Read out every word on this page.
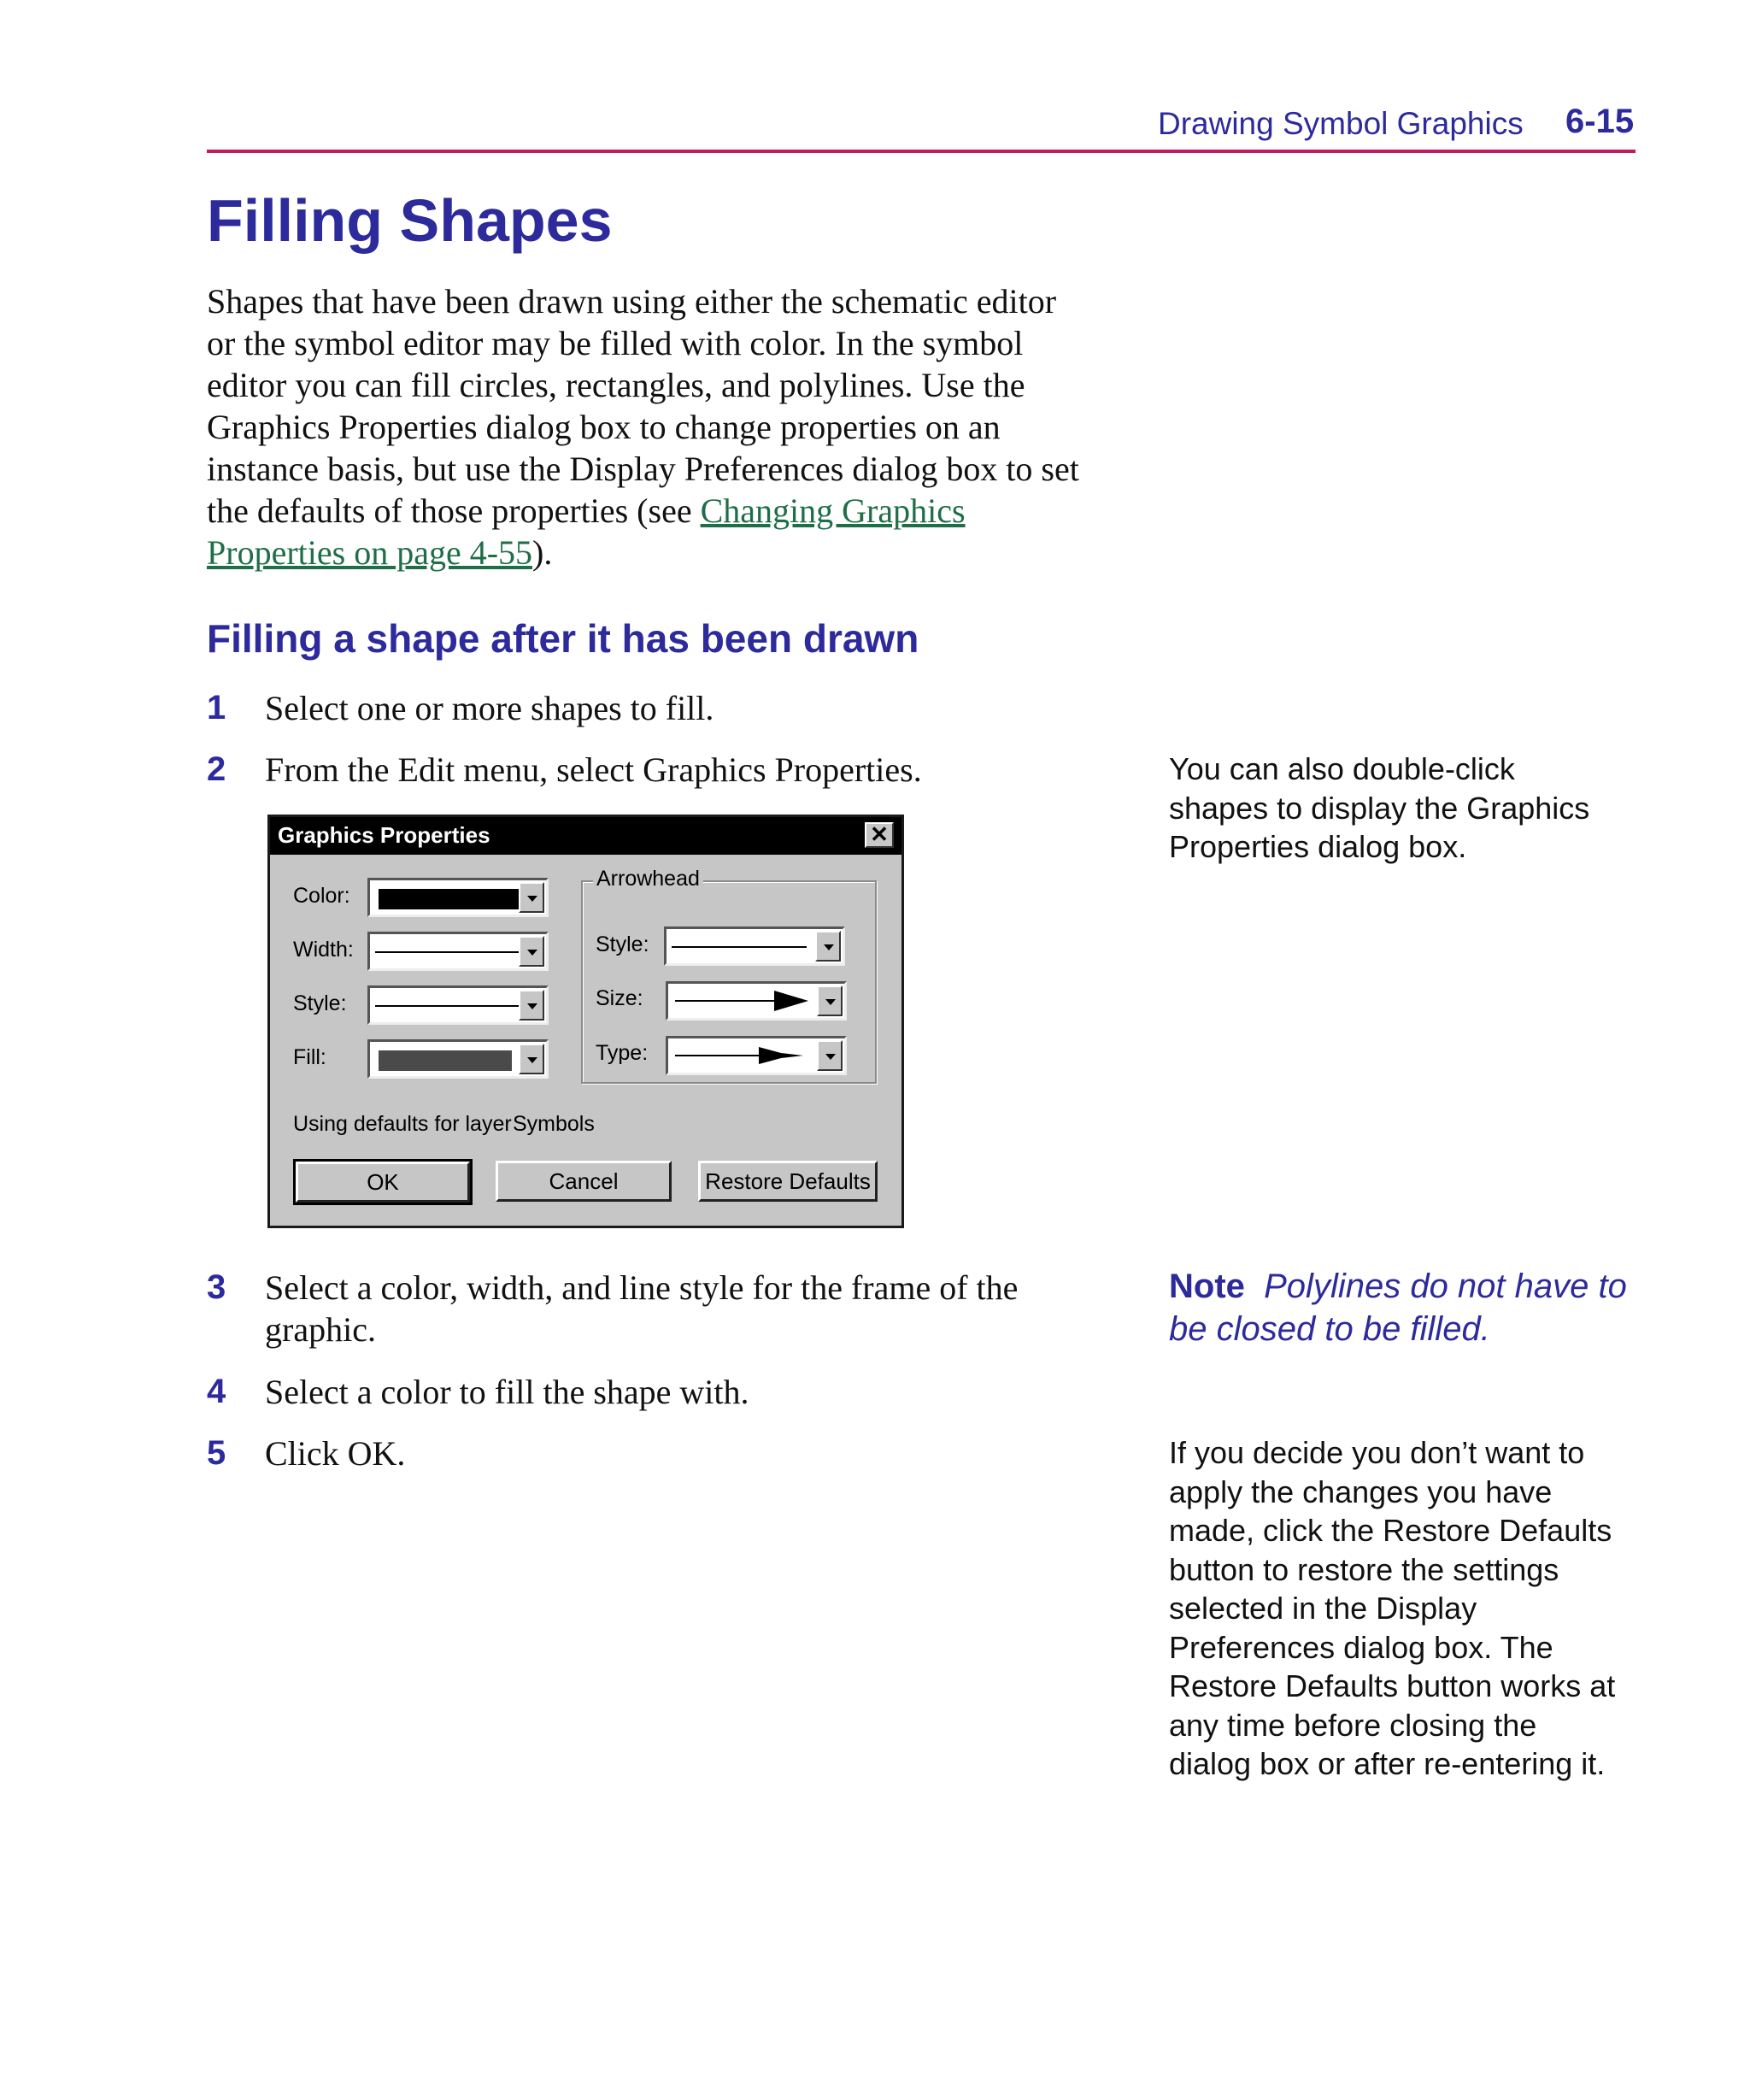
Drawing Symbol Graphics 6-15
Filling Shapes
Shapes that have been drawn using either the schematic editor
or the symbol editor may be filled with color. In the symbol
editor you can fill circles, rectangles, and polylines. Use the
Graphics Properties dialog box to change properties on an
instance basis, but use the Display Preferences dialog box to set
the defaults of those properties (see Changing Graphics
Properties on page 4-55).
Filling a shape after it has been drawn
1 Select one or more shapes to fill.
2 From the Edit menu, select Graphics Properties.
3 Select a color, width, and line style for the frame of the
graphic.
4 Select a color to fill the shape with.
5 Click OK.
You can also double-click
shapes to display the Graphics
Properties dialog box.
Note Polylines do not have to
be closed to be filled.
If you decide you don’t want to
apply the changes you have
made, click the Restore Defaults
button to restore the settings
selected in the Display
Preferences dialog box. The
Restore Defaults button works at
any time before closing the
dialog box or after re-entering it.
Graphics Properties	✕
Color:
Width:
Style:
Fill:
Arrowhead
Style:
Size:
Type:
Using defaults for layer Symbols
OK	Cancel	Restore Defaults
